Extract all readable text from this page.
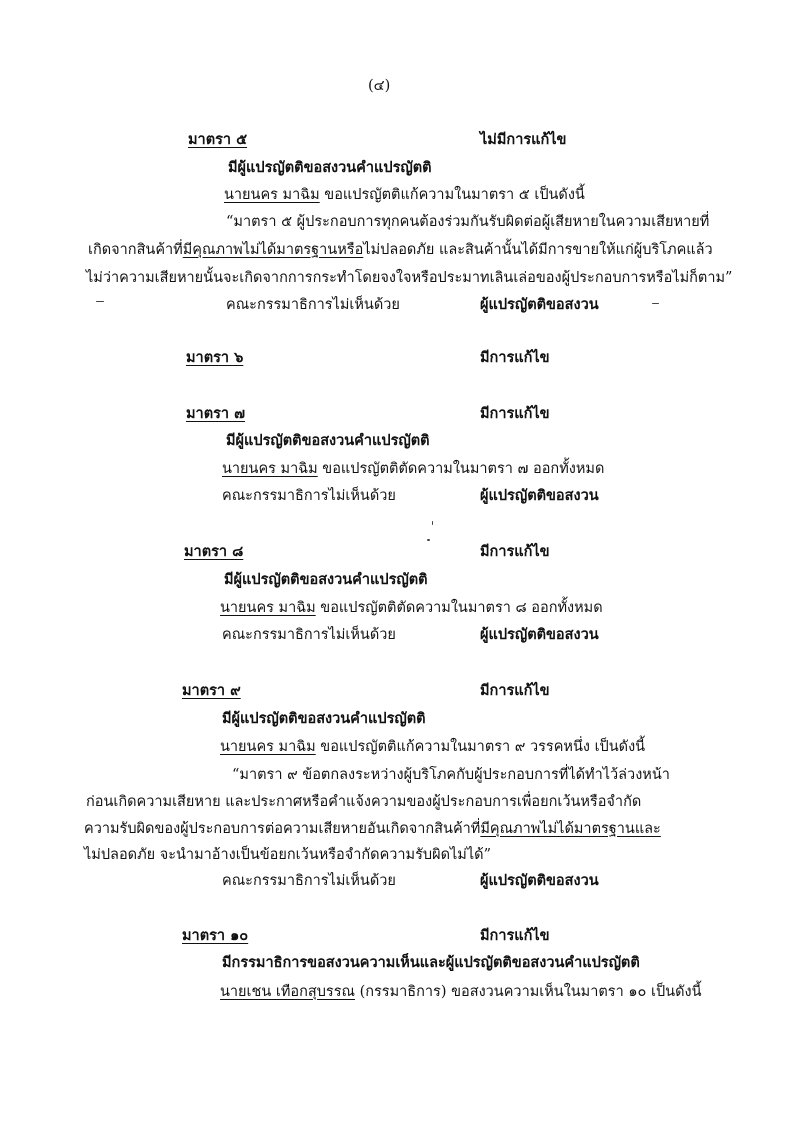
(๔)
มาตรา ๕	ไม่มีการแก้ไข
มีผู้แปรญัตติขอสงวนคำแปรญัตติ
นายนคร มาฉิม ขอแปรญัตติแก้ความในมาตรา ๕ เป็นดังนี้
“มาตรา ๕ ผู้ประกอบการทุกคนต้องร่วมกันรับผิดต่อผู้เสียหายในความเสียหายที่
เกิดจากสินค้าที่มีคุณภาพไม่ได้มาตรฐานหรือไม่ปลอดภัย และสินค้านั้นได้มีการขายให้แก่ผู้บริโภคแล้ว
ไม่ว่าความเสียหายนั้นจะเกิดจากการกระทำโดยจงใจหรือประมาทเลินเล่อของผู้ประกอบการหรือไม่ก็ตาม”
คณะกรรมาธิการไม่เห็นด้วย	ผู้แปรญัตติขอสงวน
มาตรา ๖	มีการแก้ไข
มาตรา ๗	มีการแก้ไข
มีผู้แปรญัตติขอสงวนคำแปรญัตติ
นายนคร มาฉิม ขอแปรญัตติตัดความในมาตรา ๗ ออกทั้งหมด
คณะกรรมาธิการไม่เห็นด้วย	ผู้แปรญัตติขอสงวน
มาตรา ๘	มีการแก้ไข
มีผู้แปรญัตติขอสงวนคำแปรญัตติ
นายนคร มาฉิม ขอแปรญัตติตัดความในมาตรา ๘ ออกทั้งหมด
คณะกรรมาธิการไม่เห็นด้วย	ผู้แปรญัตติขอสงวน
มาตรา ๙	มีการแก้ไข
มีผู้แปรญัตติขอสงวนคำแปรญัตติ
นายนคร มาฉิม ขอแปรญัตติแก้ความในมาตรา ๙ วรรคหนึ่ง เป็นดังนี้
“มาตรา ๙ ข้อตกลงระหว่างผู้บริโภคกับผู้ประกอบการที่ได้ทำไว้ล่วงหน้า
ก่อนเกิดความเสียหาย และประกาศหรือคำแจ้งความของผู้ประกอบการเพื่อยกเว้นหรือจำกัด
ความรับผิดของผู้ประกอบการต่อความเสียหายอันเกิดจากสินค้าที่มีคุณภาพไม่ได้มาตรฐานและ
ไม่ปลอดภัย จะนำมาอ้างเป็นข้อยกเว้นหรือจำกัดความรับผิดไม่ได้”
คณะกรรมาธิการไม่เห็นด้วย	ผู้แปรญัตติขอสงวน
มาตรา ๑๐	มีการแก้ไข
มีกรรมาธิการขอสงวนความเห็นและผู้แปรญัตติขอสงวนคำแปรญัตติ
นายเชน เทือกสุบรรณ (กรรมาธิการ) ขอสงวนความเห็นในมาตรา ๑๐ เป็นดังนี้
